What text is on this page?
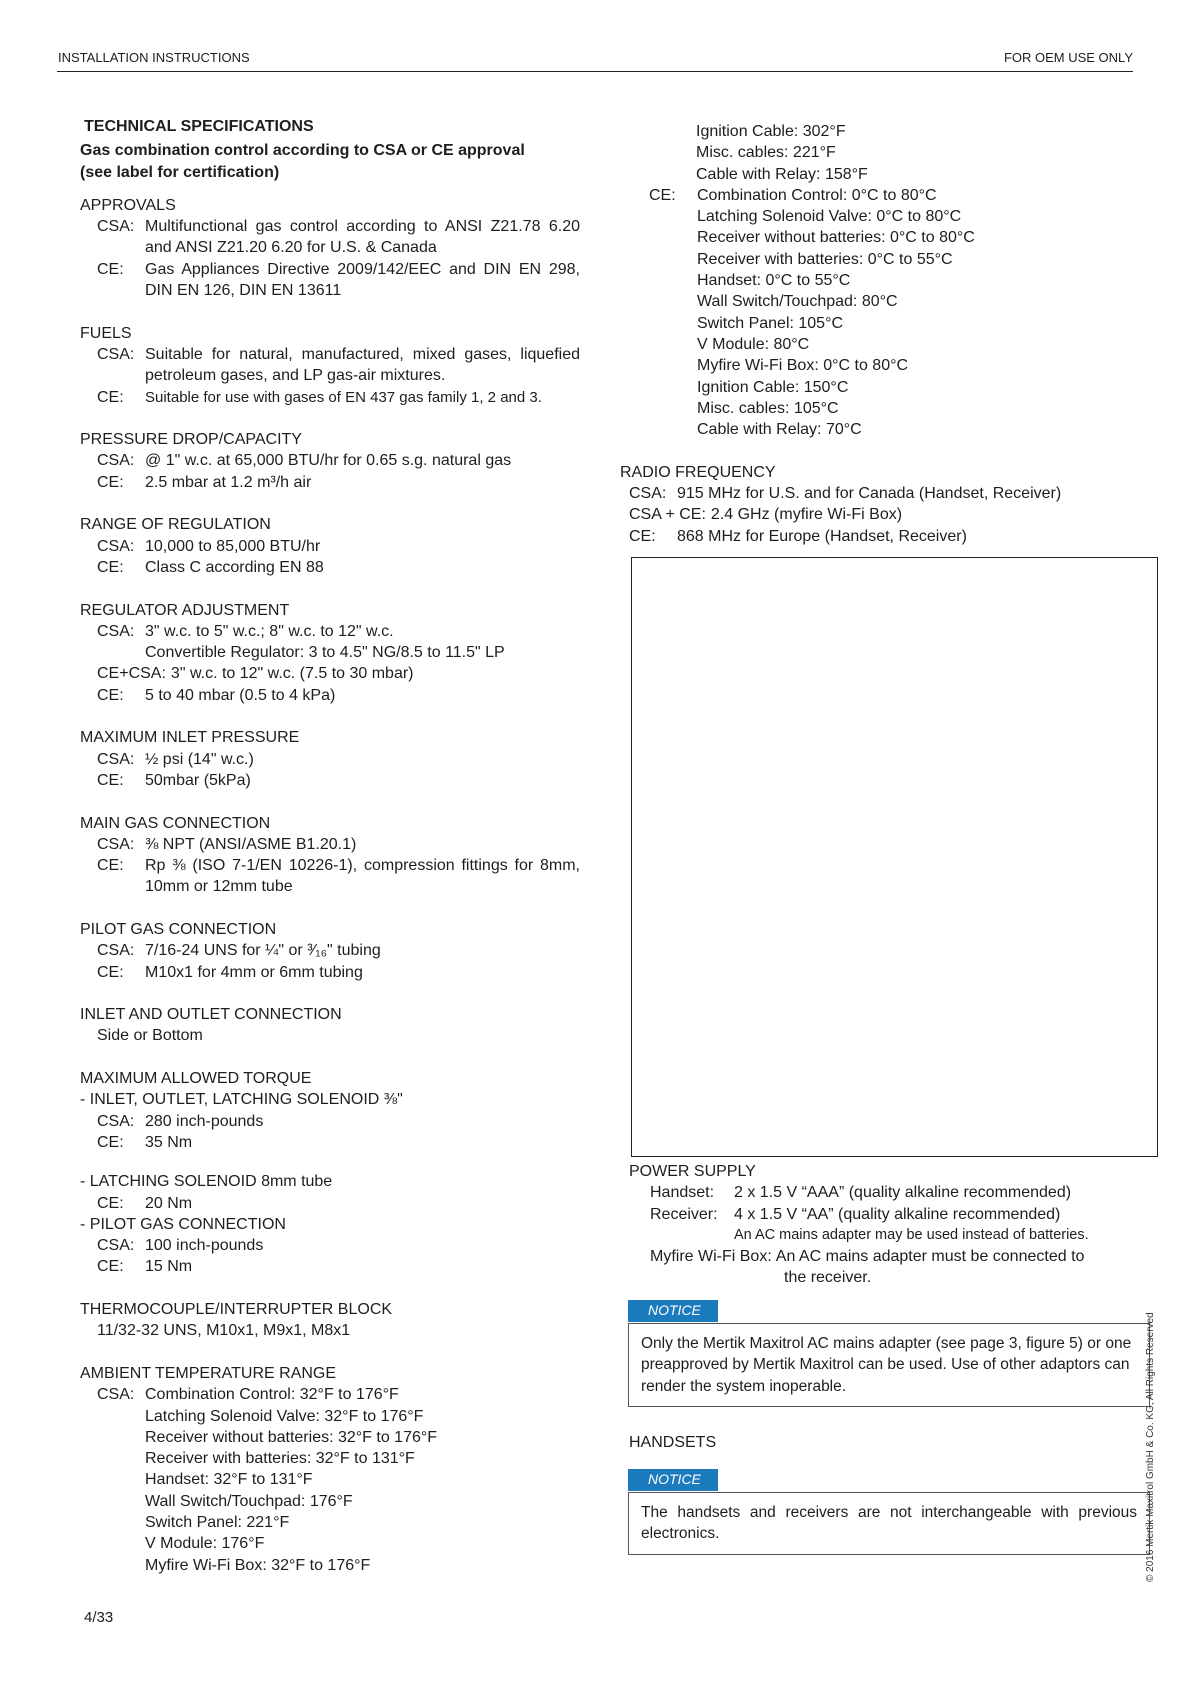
INSTALLATION INSTRUCTIONS	FOR OEM USE ONLY
TECHNICAL SPECIFICATIONS
Gas combination control according to CSA or CE approval
(see label for certification)
APPROVALS
CSA: Multifunctional gas control according to ANSI Z21.78 6.20 and ANSI Z21.20 6.20 for U.S. & Canada
CE:	Gas Appliances Directive 2009/142/EEC and DIN EN 298, DIN EN 126, DIN EN 13611
FUELS
CSA: Suitable for natural, manufactured, mixed gases, liquefied petroleum gases, and LP gas-air mixtures.
CE:	Suitable for use with gases of EN 437 gas family 1, 2 and 3.
PRESSURE DROP/CAPACITY
CSA: @ 1" w.c. at 65,000 BTU/hr for 0.65 s.g. natural gas
CE:	2.5 mbar at 1.2 m³/h air
RANGE OF REGULATION
CSA: 10,000 to 85,000 BTU/hr
CE:	Class C according EN 88
REGULATOR ADJUSTMENT
CSA: 3" w.c. to 5" w.c.; 8" w.c. to 12" w.c.
Convertible Regulator: 3 to 4.5" NG/8.5 to 11.5" LP
CE+CSA: 3" w.c. to 12" w.c. (7.5 to 30 mbar)
CE:	5 to 40 mbar (0.5 to 4 kPa)
MAXIMUM INLET PRESSURE
CSA: ½ psi (14" w.c.)
CE:	50mbar (5kPa)
MAIN GAS CONNECTION
CSA: ⅜ NPT (ANSI/ASME B1.20.1)
CE:	Rp ⅜ (ISO 7-1/EN 10226-1), compression fittings for 8mm, 10mm or 12mm tube
PILOT GAS CONNECTION
CSA: 7/16-24 UNS for ¼" or ³⁄₁₆" tubing
CE:	M10x1 for 4mm or 6mm tubing
INLET AND OUTLET CONNECTION
Side or Bottom
MAXIMUM ALLOWED TORQUE
- INLET, OUTLET, LATCHING SOLENOID ⅜"
CSA: 280 inch-pounds
CE:	35 Nm
- LATCHING SOLENOID 8mm tube
CE:	20 Nm
- PILOT GAS CONNECTION
CSA: 100 inch-pounds
CE:	15 Nm
THERMOCOUPLE/INTERRUPTER BLOCK
11/32-32 UNS, M10x1, M9x1, M8x1
AMBIENT TEMPERATURE RANGE
CSA: Combination Control: 32°F to 176°F
Latching Solenoid Valve: 32°F to 176°F
Receiver without batteries: 32°F to 176°F
Receiver with batteries: 32°F to 131°F
Handset: 32°F to 131°F
Wall Switch/Touchpad: 176°F
Switch Panel: 221°F
V Module: 176°F
Myfire Wi-Fi Box: 32°F to 176°F
Ignition Cable: 302°F
Misc. cables: 221°F
Cable with Relay: 158°F
CE:	Combination Control: 0°C to 80°C
Latching Solenoid Valve: 0°C to 80°C
Receiver without batteries: 0°C to 80°C
Receiver with batteries: 0°C to 55°C
Handset: 0°C to 55°C
Wall Switch/Touchpad: 80°C
Switch Panel: 105°C
V Module: 80°C
Myfire Wi-Fi Box: 0°C to 80°C
Ignition Cable: 150°C
Misc. cables: 105°C
Cable with Relay: 70°C
RADIO FREQUENCY
CSA: 915 MHz for U.S. and for Canada (Handset, Receiver)
CSA + CE: 2.4 GHz (myfire Wi-Fi Box)
CE:	868 MHz for Europe (Handset, Receiver)
POWER SUPPLY
Handset:	2 x 1.5 V “AAA” (quality alkaline recommended)
Receiver:	4 x 1.5 V “AA” (quality alkaline recommended)
An AC mains adapter may be used instead of batteries.
Myfire Wi-Fi Box: An AC mains adapter must be connected to
the receiver.
NOTICE
Only the Mertik Maxitrol AC mains adapter (see page 3, figure 5) or one preapproved by Mertik Maxitrol can be used. Use of other adaptors can render the system inoperable.
HANDSETS
NOTICE
The handsets and receivers are not interchangeable with previous electronics.
4/33
© 2016 Mertik Maxitrol GmbH & Co. KG, All Rights Reserved
